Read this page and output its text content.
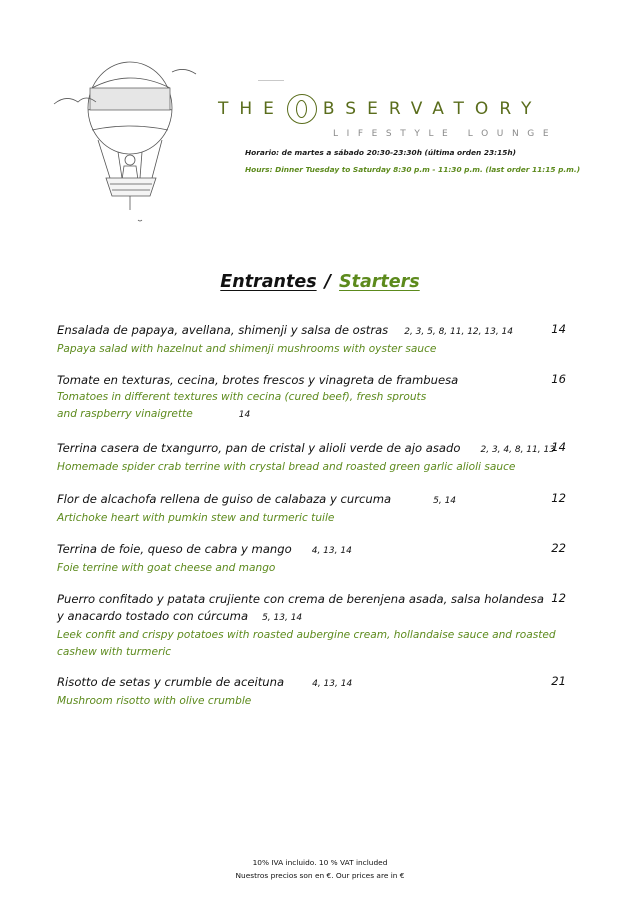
THE BSERVATORY
LIFESTYLE LOUNGE
Horario: de martes a sábado 20:30-23:30h (última orden 23:15h)
Hours: Dinner Tuesday to Saturday 8:30 p.m - 11:30 p.m. (last order 11:15 p.m.)
Entrantes / Starters
Ensalada de papaya, avellana, shimenji y salsa de ostras 2, 3, 5, 8, 11, 12, 13, 14
Papaya salad with hazelnut and shimenji mushrooms with oyster sauce
14
Tomate en texturas, cecina, brotes frescos y vinagreta de frambuesa
Tomatoes in different textures with cecina (cured beef), fresh sprouts
and raspberry vinaigrette	14
16
Terrina casera de txangurro, pan de cristal y alioli verde de ajo asado 2, 3, 4, 8, 11, 13
Homemade spider crab terrine with crystal bread and roasted green garlic alioli sauce
14
Flor de alcachofa rellena de guiso de calabaza y curcuma	5, 14
Artichoke heart with pumkin stew and turmeric tuile
12
Terrina de foie, queso de cabra y mango 4, 13, 14
Foie terrine with goat cheese and mango
22
Puerro confitado y patata crujiente con crema de berenjena asada, salsa holandesa
y anacardo tostado con cúrcuma 5, 13, 14
Leek confit and crispy potatoes with roasted aubergine cream, hollandaise sauce and roasted
cashew with turmeric
12
Risotto de setas y crumble de aceituna	4, 13, 14
Mushroom risotto with olive crumble
21
10% IVA incluido. 10 % VAT included
Nuestros precios son en €. Our prices are in €
